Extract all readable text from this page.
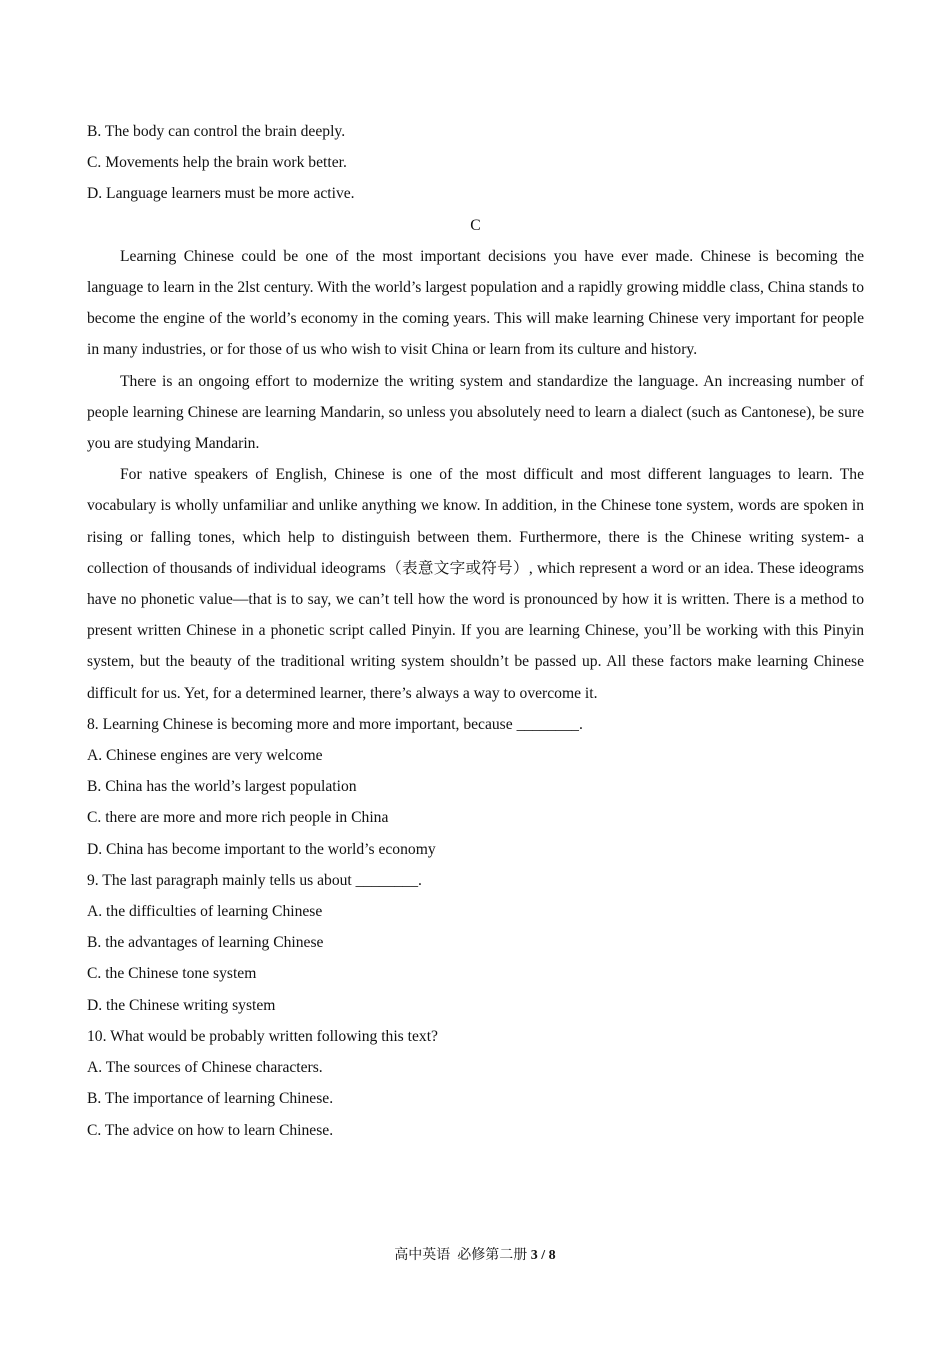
B. The body can control the brain deeply.

C. Movements help the brain work better.

D. Language learners must be more active.

C

Learning Chinese could be one of the most important decisions you have ever made. Chinese is becoming the language to learn in the 2lst century. With the world’s largest population and a rapidly growing middle class, China stands to become the engine of the world’s economy in the coming years. This will make learning Chinese very important for people in many industries, or for those of us who wish to visit China or learn from its culture and history.

There is an ongoing effort to modernize the writing system and standardize the language. An increasing number of people learning Chinese are learning Mandarin, so unless you absolutely need to learn a dialect (such as Cantonese), be sure you are studying Mandarin.

For native speakers of English, Chinese is one of the most difficult and most different languages to learn. The vocabulary is wholly unfamiliar and unlike anything we know. In addition, in the Chinese tone system, words are spoken in rising or falling tones, which help to distinguish between them. Furthermore, there is the Chinese writing system- a collection of thousands of individual ideograms（表意文字或符号）, which represent a word or an idea. These ideograms have no phonetic value—that is to say, we can’t tell how the word is pronounced by how it is written. There is a method to present written Chinese in a phonetic script called Pinyin. If you are learning Chinese, you’ll be working with this Pinyin system, but the beauty of the traditional writing system shouldn’t be passed up. All these factors make learning Chinese difficult for us. Yet, for a determined learner, there’s always a way to overcome it.

8. Learning Chinese is becoming more and more important, because ________.

A. Chinese engines are very welcome

B. China has the world’s largest population

C. there are more and more rich people in China

D. China has become important to the world’s economy

9. The last paragraph mainly tells us about ________.

A. the difficulties of learning Chinese

B. the advantages of learning Chinese

C. the Chinese tone system

D. the Chinese writing system

10. What would be probably written following this text?

A. The sources of Chinese characters.

B. The importance of learning Chinese.

C. The advice on how to learn Chinese.

高中英语  必修第二册 3 / 8
